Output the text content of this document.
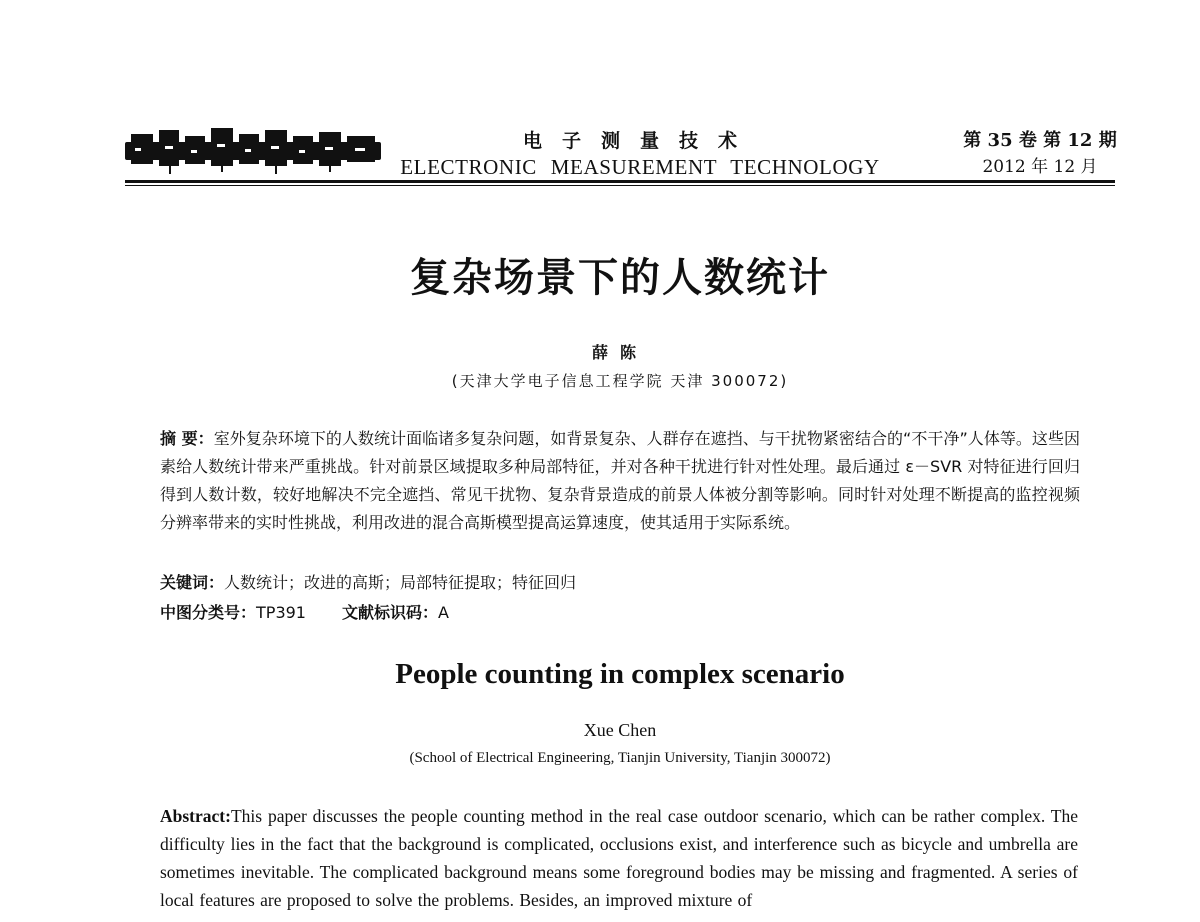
电子测量技术
ELECTRONIC MEASUREMENT TECHNOLOGY
第 35 卷 第 12 期
2012 年 12 月
复杂场景下的人数统计
薛陈
(天津大学电子信息工程学院 天津 300072)
摘 要：室外复杂环境下的人数统计面临诸多复杂问题，如背景复杂、人群存在遮挡、与干扰物紧密结合的“不干净”人体等。这些因素给人数统计带来严重挑战。针对前景区域提取多种局部特征，并对各种干扰进行针对性处理。最后通过 ε－SVR 对特征进行回归得到人数计数，较好地解决不完全遮挡、常见干扰物、复杂背景造成的前景人体被分割等影响。同时针对处理不断提高的监控视频分辨率带来的实时性挑战，利用改进的混合高斯模型提高运算速度，使其适用于实际系统。
关键词：人数统计；改进的高斯；局部特征提取；特征回归
中图分类号：TP391 文献标识码：A
People counting in complex scenario
Xue Chen
(School of Electrical Engineering, Tianjin University, Tianjin 300072)
Abstract:This paper discusses the people counting method in the real case outdoor scenario, which can be rather complex. The difficulty lies in the fact that the background is complicated, occlusions exist, and interference such as bicycle and umbrella are sometimes inevitable. The complicated background means some foreground bodies may be missing and fragmented. A series of local features are proposed to solve the problems. Besides, an improved mixture of
